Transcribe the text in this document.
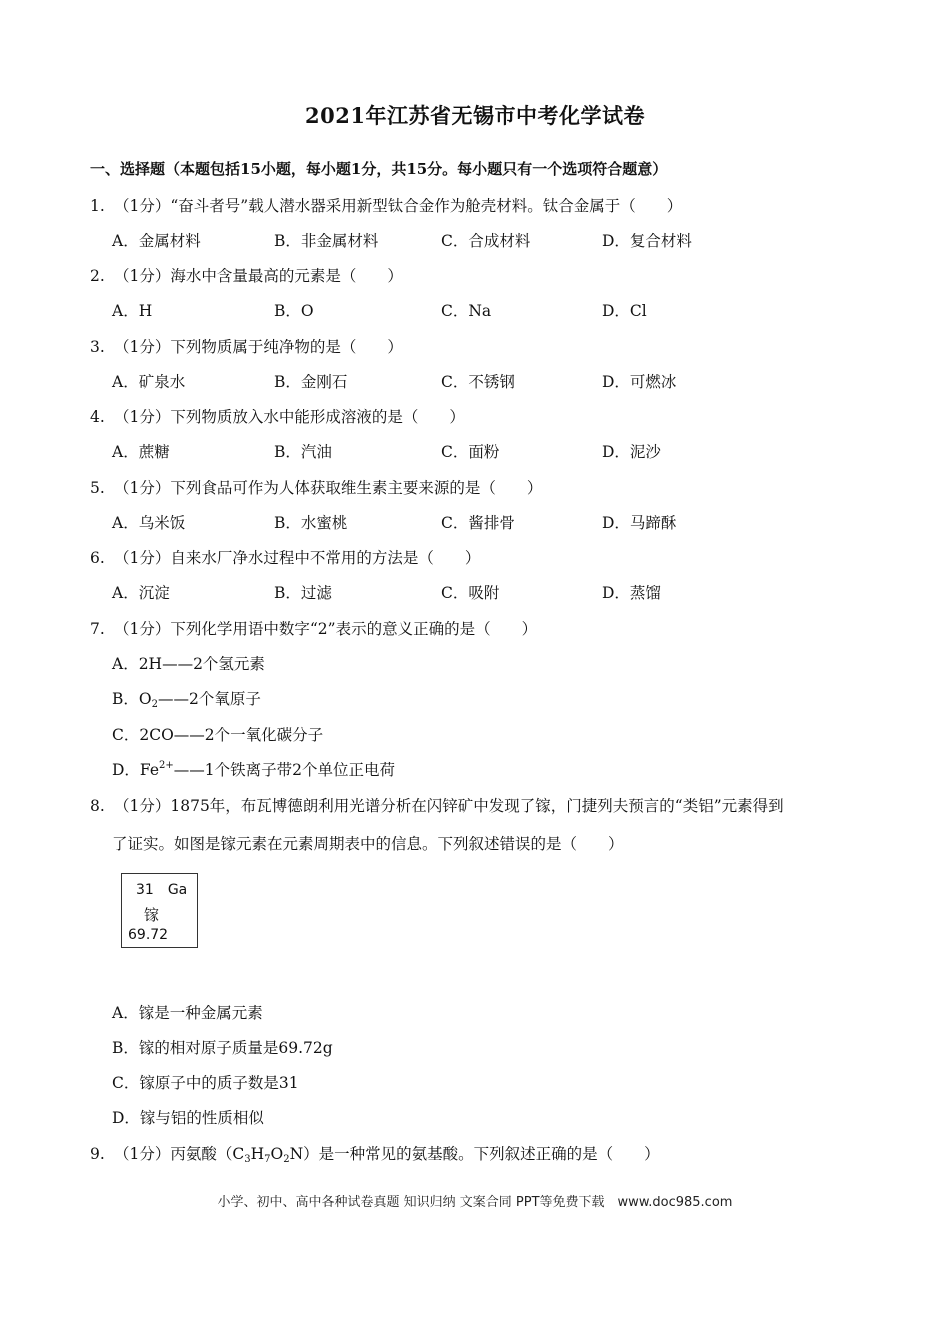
2021年江苏省无锡市中考化学试卷
一、选择题（本题包括15小题，每小题1分，共15分。每小题只有一个选项符合题意）
1. （1分）“奋斗者号”载人潜水器采用新型钛合金作为舱壳材料。钛合金属于（　　）
A．金属材料	B．非金属材料	C．合成材料	D．复合材料
2. （1分）海水中含量最高的元素是（　　）
A．H	B．O	C．Na	D．Cl
3. （1分）下列物质属于纯净物的是（　　）
A．矿泉水	B．金刚石	C．不锈钢	D．可燃冰
4. （1分）下列物质放入水中能形成溶液的是（　　）
A．蔗糖	B．汽油	C．面粉	D．泥沙
5. （1分）下列食品可作为人体获取维生素主要来源的是（　　）
A．乌米饭	B．水蜜桃	C．酱排骨	D．马蹄酥
6. （1分）自来水厂净水过程中不常用的方法是（　　）
A．沉淀	B．过滤	C．吸附	D．蒸馏
7. （1分）下列化学用语中数字“2”表示的意义正确的是（　　）
A．2H——2个氢元素
B．$O_2——2$个氧原子
C．2CO——2个一氧化碳分子
D．$Fe^{2+}——1$个铁离子带2个单位正电荷
8. （1分）1875年，布瓦博德朗利用光谱分析在闪锌矿中发现了镓，门捷列夫预言的“类铝”元素得到
了证实。如图是镓元素在元素周期表中的信息。下列叙述错误的是（　　）
31 Ga
镓
69.72
A．镓是一种金属元素
B．镓的相对原子质量是69.72g
C．镓原子中的质子数是31
D．镓与铝的性质相似
9. （1分）丙氨酸$(C_3H_7O_2N)$是一种常见的氨基酸。下列叙述正确的是（　　）
小学、初中、高中各种试卷真题 知识归纳 文案合同 PPT等免费下载　www.doc985.com
